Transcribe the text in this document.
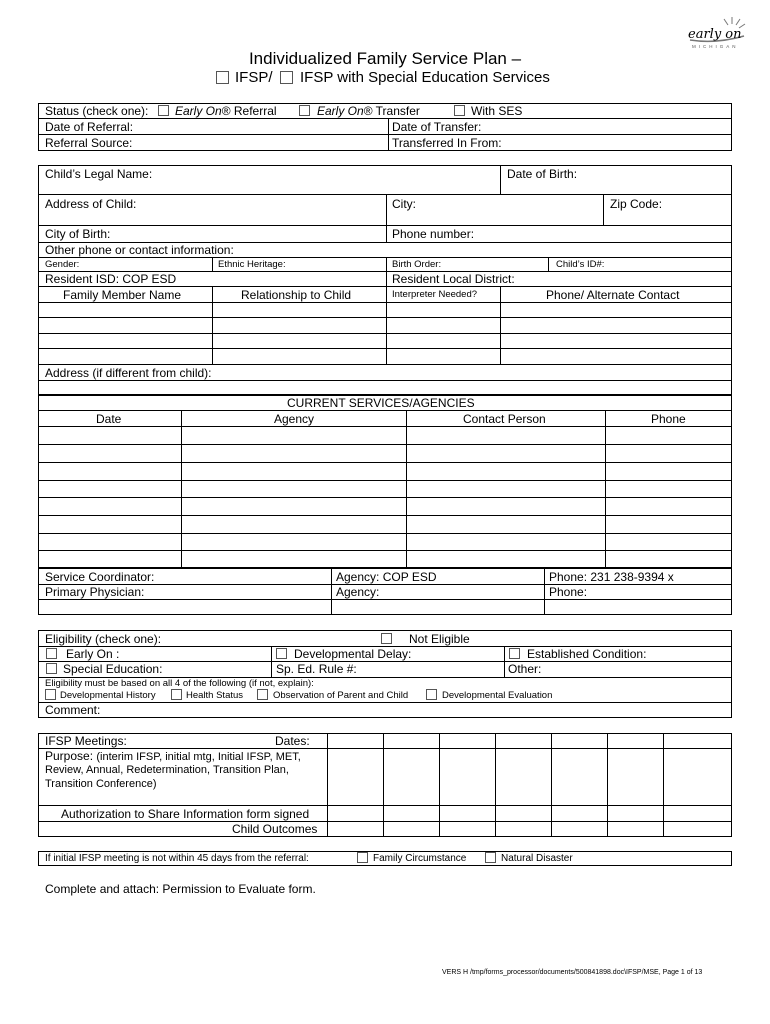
early on
MICHIGAN
Individualized Family Service Plan –
IFSP/ IFSP with Special Education Services
Status (check one): Early On® Referral	Early On® Transfer	With SES
Date of Referral:	Date of Transfer:
Referral Source:	Transferred In From:
Child’s Legal Name:	Date of Birth:
Address of Child:	City:	Zip Code:
City of Birth:	Phone number:
Other phone or contact information:
Gender:	Ethnic Heritage:	Birth Order:	Child’s ID#:
Resident ISD: COP ESD	Resident Local District:
Family Member Name	Relationship to Child	Interpreter Needed?	Phone/ Alternate Contact
Address (if different from child):
CURRENT SERVICES/AGENCIES
Date	Agency	Contact Person	Phone
Service Coordinator:	Agency: COP ESD	Phone: 231 238-9394 x
Primary Physician:	Agency:	Phone:
Eligibility (check one):	Not Eligible
Early On :	Developmental Delay:	Established Condition:
Special Education:	Sp. Ed. Rule #:	Other:
Eligibility must be based on all 4 of the following (if not, explain):
Developmental History	Health Status	Observation of Parent and Child	Developmental Evaluation
Comment:
IFSP Meetings:	Dates:
Purpose: (interim IFSP, initial mtg, Initial IFSP, MET,
Review, Annual, Redetermination, Transition Plan,
Transition Conference)
Authorization to Share Information form signed
Child Outcomes
If initial IFSP meeting is not within 45 days from the referral:	Family Circumstance	Natural Disaster
Complete and attach: Permission to Evaluate form.
VERS H /tmp/forms_processor/documents/500841898.doc\IFSP/MSE, Page 1 of 13
